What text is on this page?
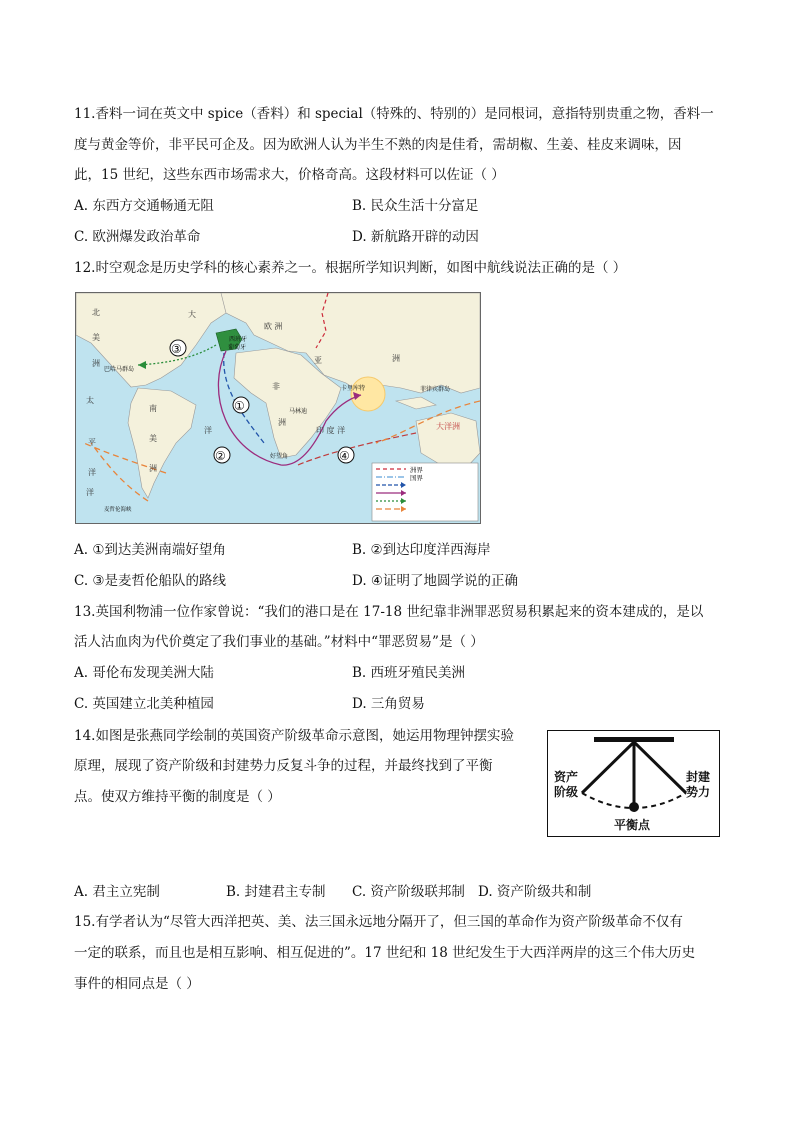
11.香料一词在英文中 spice（香料）和 special（特殊的、特别的）是同根词，意指特别贵重之物，香料一
度与黄金等价，非平民可企及。因为欧洲人认为半生不熟的肉是佳肴，需胡椒、生姜、桂皮来调味，因
此，15 世纪，这些东西市场需求大，价格奇高。这段材料可以佐证（ ）
A. 东西方交通畅通无阻	B. 民众生活十分富足
C. 欧洲爆发政治革命	D. 新航路开辟的动因
12.时空观念是历史学科的核心素养之一。根据所学知识判断，如图中航线说法正确的是（ ）
北
美
洲
南
美
洲
欧 洲
洲
亚
非
洲	大洋洲
大
洋
太
平
洋
洋
印 度 洋
西班牙
葡萄牙
巴哈马群岛
卡里库特
马林迪
好望角
菲律宾群岛
麦哲伦海峡
③
①
②	④
洲界
国界
A. ①到达美洲南端好望角	B. ②到达印度洋西海岸
C. ③是麦哲伦船队的路线	D. ④证明了地圆学说的正确
13.英国利物浦一位作家曾说：“我们的港口是在 17-18 世纪靠非洲罪恶贸易积累起来的资本建成的，是以
活人沽血肉为代价奠定了我们事业的基础。”材料中“罪恶贸易”是（ ）
A. 哥伦布发现美洲大陆	B. 西班牙殖民美洲
C. 英国建立北美种植园	D. 三角贸易
14.如图是张燕同学绘制的英国资产阶级革命示意图，她运用物理钟摆实验
原理，展现了资产阶级和封建势力反复斗争的过程，并最终找到了平衡
点。使双方维持平衡的制度是（ ）
资产
阶级
封建
势力
平衡点
A. 君主立宪制	B. 封建君主专制 C. 资产阶级联邦制 D. 资产阶级共和制
15.有学者认为“尽管大西洋把英、美、法三国永远地分隔开了，但三国的革命作为资产阶级革命不仅有
一定的联系，而且也是相互影响、相互促进的”。17 世纪和 18 世纪发生于大西洋两岸的这三个伟大历史
事件的相同点是（ ）
